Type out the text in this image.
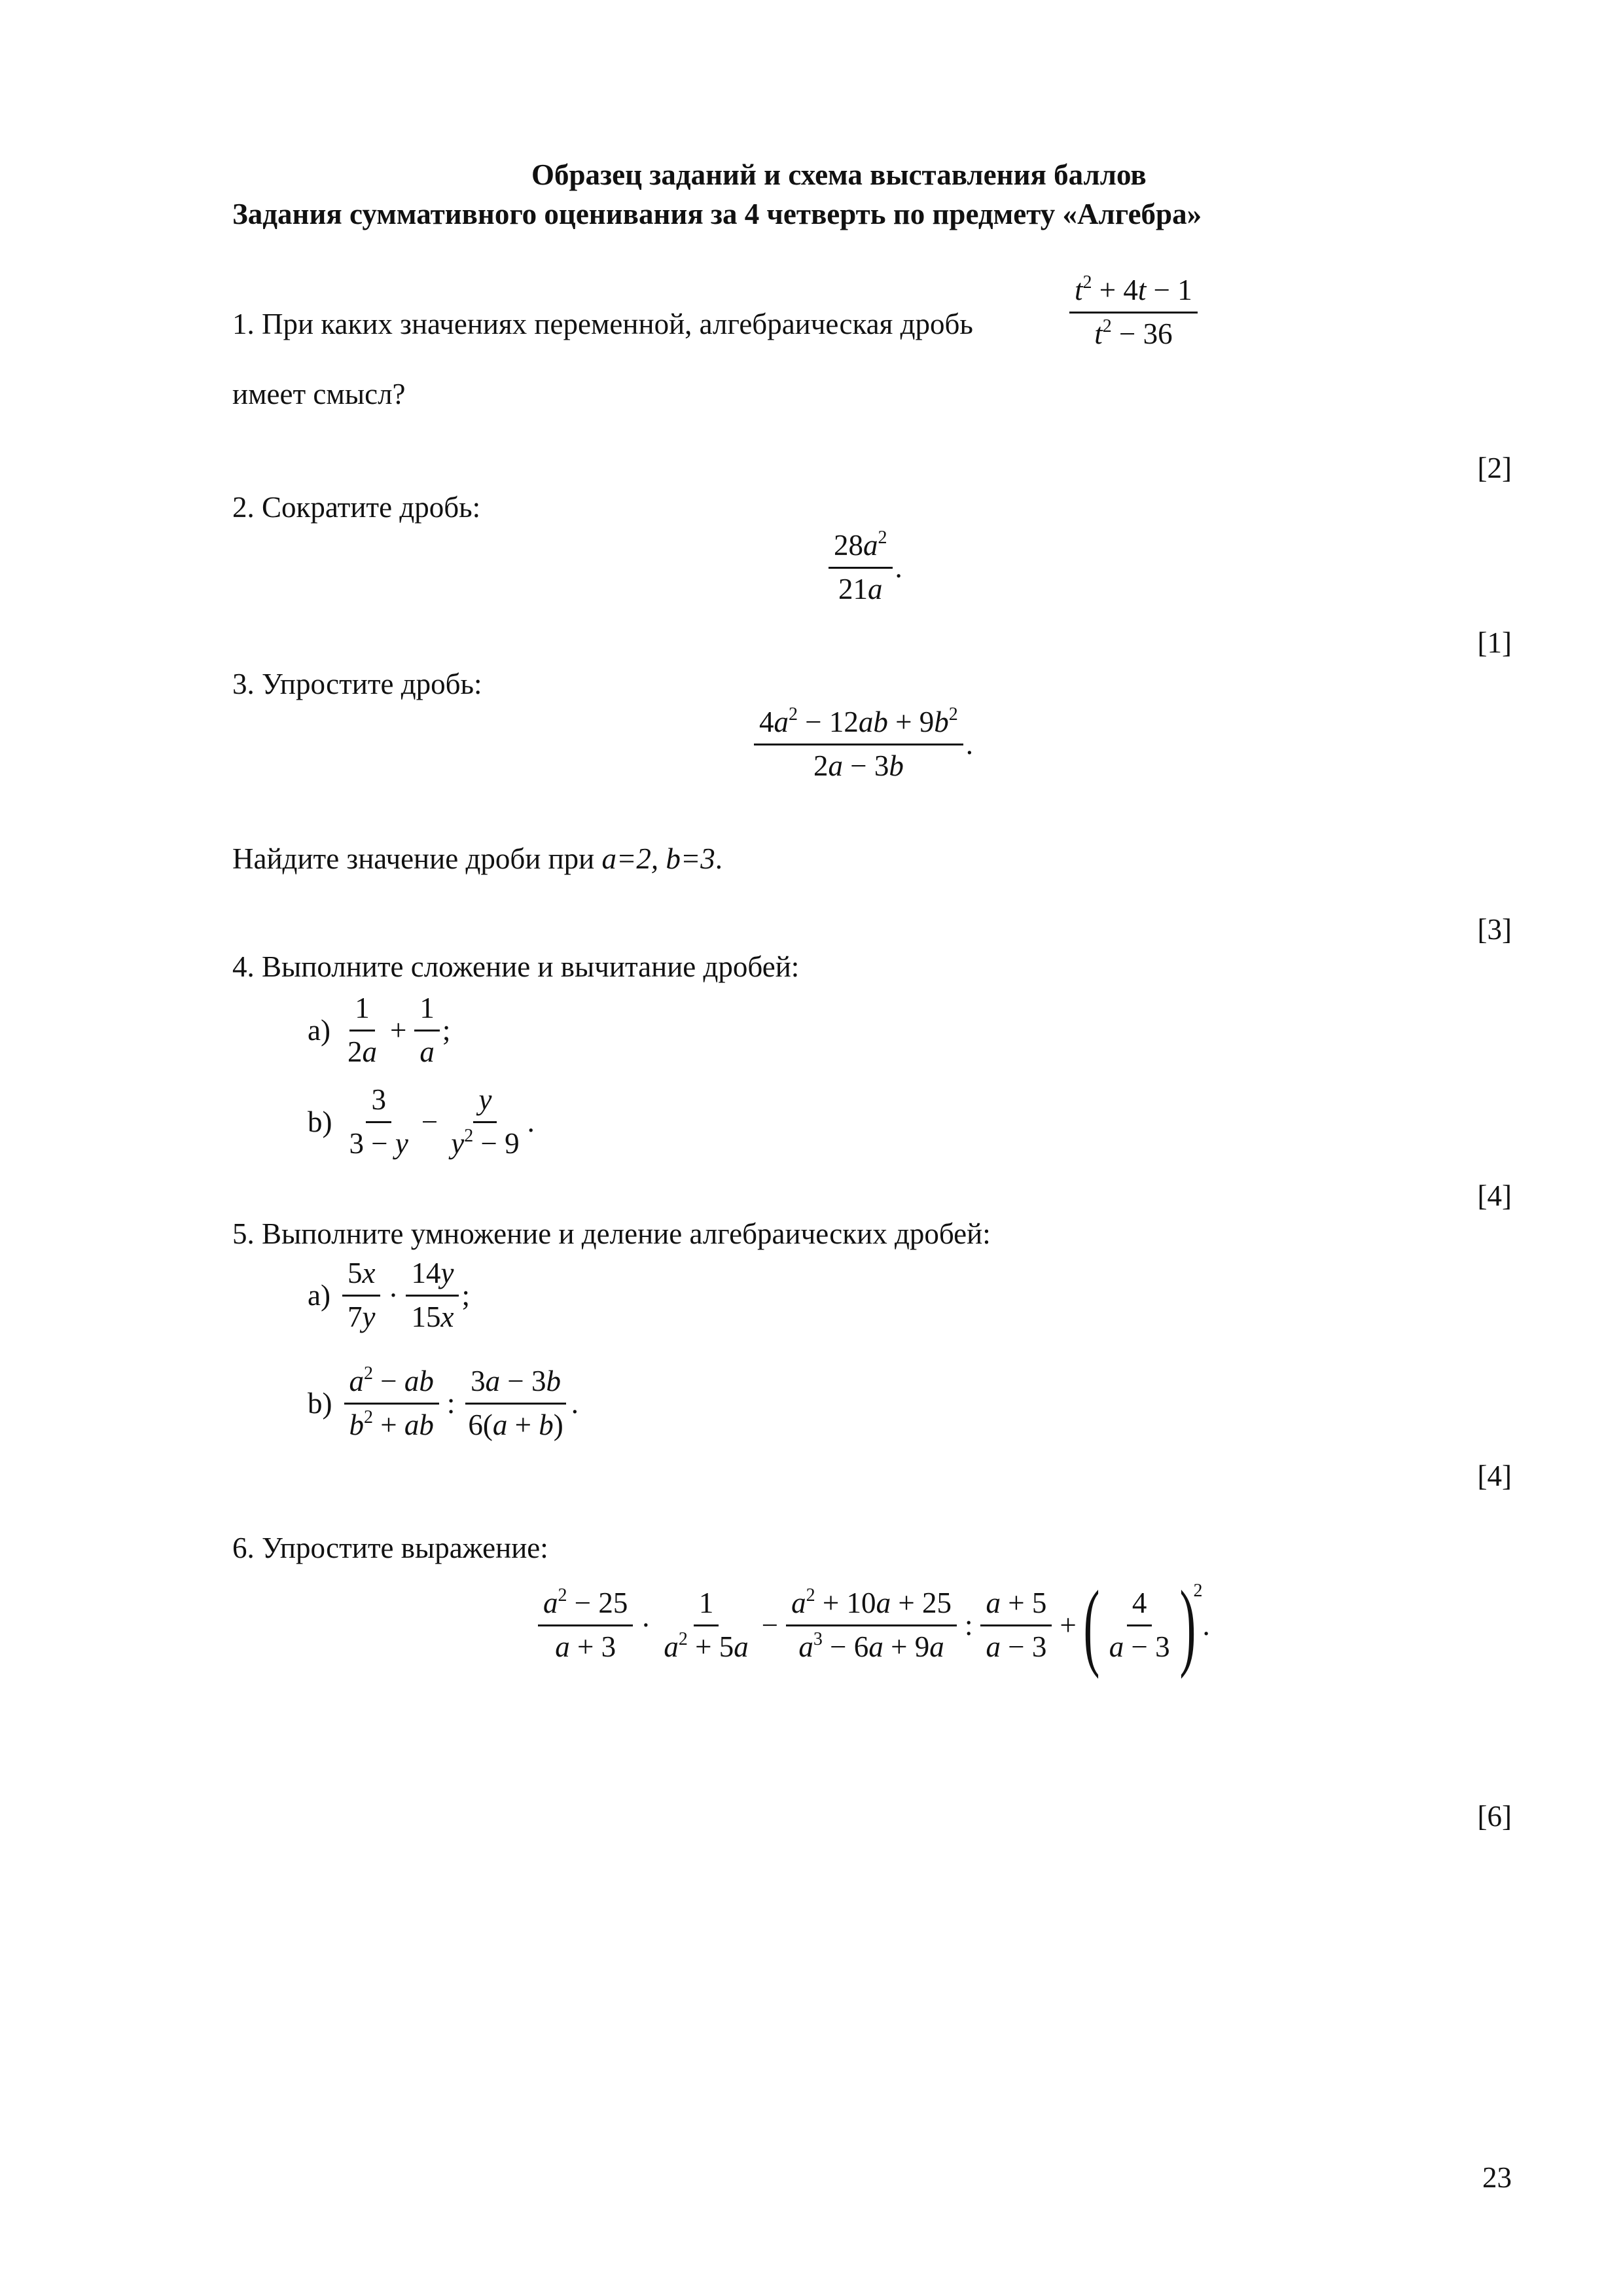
Образец заданий и схема выставления баллов
Задания суммативного оценивания за 4 четверть по предмету «Алгебра»
1. При каких значениях переменной, алгебраическая дробь	$\frac{t^2 + 4t - 1}{t^2 - 36}$
имеет смысл?
[2]
2. Сократите дробь:
$\frac{28a^2}{21a}$ .
[1]
3. Упростите дробь:
$\frac{4a^2 - 12ab + 9b^2}{2a - 3b}$ .
Найдите значение дроби при a=2, b=3.
[3]
4. Выполните сложение и вычитание дробей:
$a) \frac{1}{2a} + \frac{1}{a}$ ;
$b) \frac{3}{3 - y} - \frac{y}{y^2 - 9}$ .
[4]
5. Выполните умножение и деление алгебраических дробей:
$a) \frac{5x}{7y} \cdot \frac{14y}{15x}$ ;
$b) \frac{a^2 - ab}{b^2 + ab}$ : $\frac{3a - 3b}{6(a + b)}$ .
[4]
6. Упростите выражение:
$\frac{a^2 - 25}{a + 3} \cdot \frac{1}{a^2 + 5a} - \frac{a^2 + 10a + 25}{a^3 - 6a + 9a}$ : $\frac{a + 5}{a - 3}$ + ( $\frac{4}{a - 3}$ )
2
.
[6]
23
